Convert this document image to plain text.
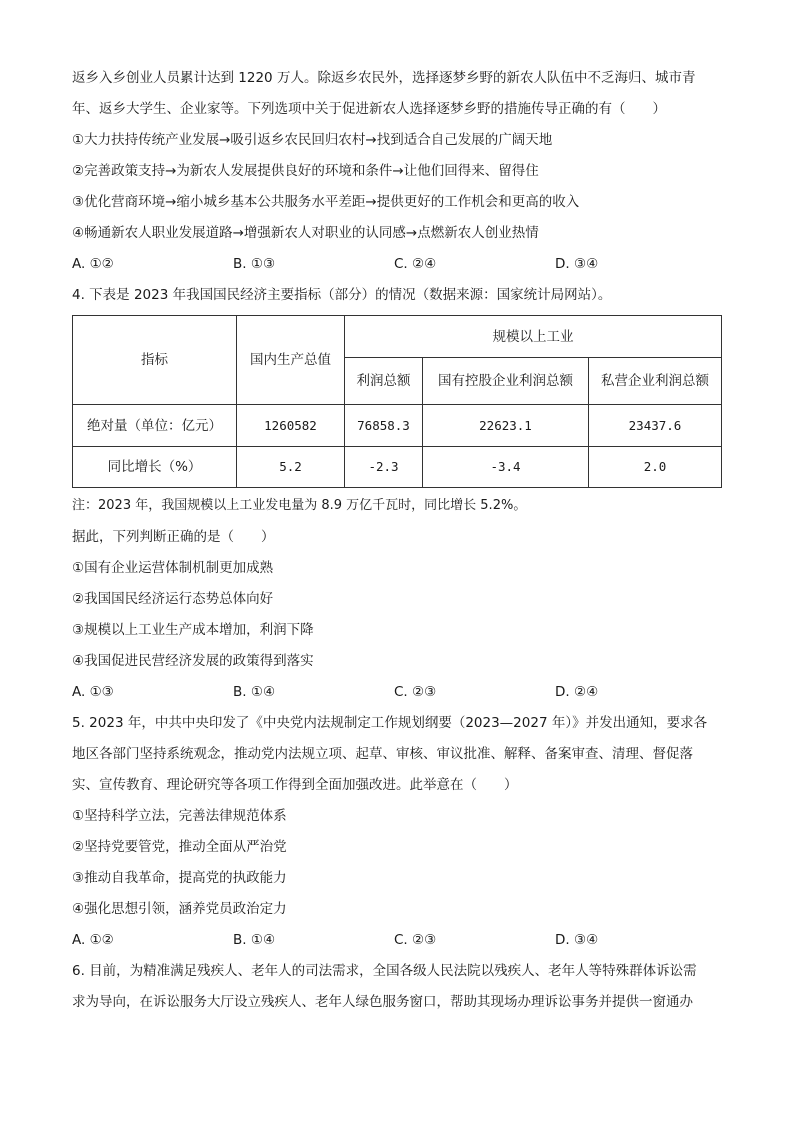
返乡入乡创业人员累计达到 1220 万人。除返乡农民外，选择逐梦乡野的新农人队伍中不乏海归、城市青
年、返乡大学生、企业家等。下列选项中关于促进新农人选择逐梦乡野的措施传导正确的有（　　）
①大力扶持传统产业发展→吸引返乡农民回归农村→找到适合自己发展的广阔天地
②完善政策支持→为新农人发展提供良好的环境和条件→让他们回得来、留得住
③优化营商环境→缩小城乡基本公共服务水平差距→提供更好的工作机会和更高的收入
④畅通新农人职业发展道路→增强新农人对职业的认同感→点燃新农人创业热情
A. ①②	B. ①③	C. ②④	D. ③④
4. 下表是 2023 年我国国民经济主要指标（部分）的情况（数据来源：国家统计局网站）。
指标	国内生产总值	规模以上工业		
		利润总额	国有控股企业利润总额	私营企业利润总额
绝对量（单位：亿元）	1260582	76858.3	22623.1	23437.6
同比增长（%）	5.2	-2.3	-3.4	2.0
注：2023 年，我国规模以上工业发电量为 8.9 万亿千瓦时，同比增长 5.2%。
据此，下列判断正确的是（　　）
①国有企业运营体制机制更加成熟
②我国国民经济运行态势总体向好
③规模以上工业生产成本增加，利润下降
④我国促进民营经济发展的政策得到落实
A. ①③	B. ①④	C. ②③	D. ②④
5. 2023 年，中共中央印发了《中央党内法规制定工作规划纲要（2023—2027 年）》并发出通知，要求各
地区各部门坚持系统观念，推动党内法规立项、起草、审核、审议批准、解释、备案审查、清理、督促落
实、宣传教育、理论研究等各项工作得到全面加强改进。此举意在（　　）
①坚持科学立法，完善法律规范体系
②坚持党要管党，推动全面从严治党
③推动自我革命，提高党的执政能力
④强化思想引领，涵养党员政治定力
A. ①②	B. ①④	C. ②③	D. ③④
6. 目前，为精准满足残疾人、老年人的司法需求，全国各级人民法院以残疾人、老年人等特殊群体诉讼需
求为导向，在诉讼服务大厅设立残疾人、老年人绿色服务窗口，帮助其现场办理诉讼事务并提供一窗通办
